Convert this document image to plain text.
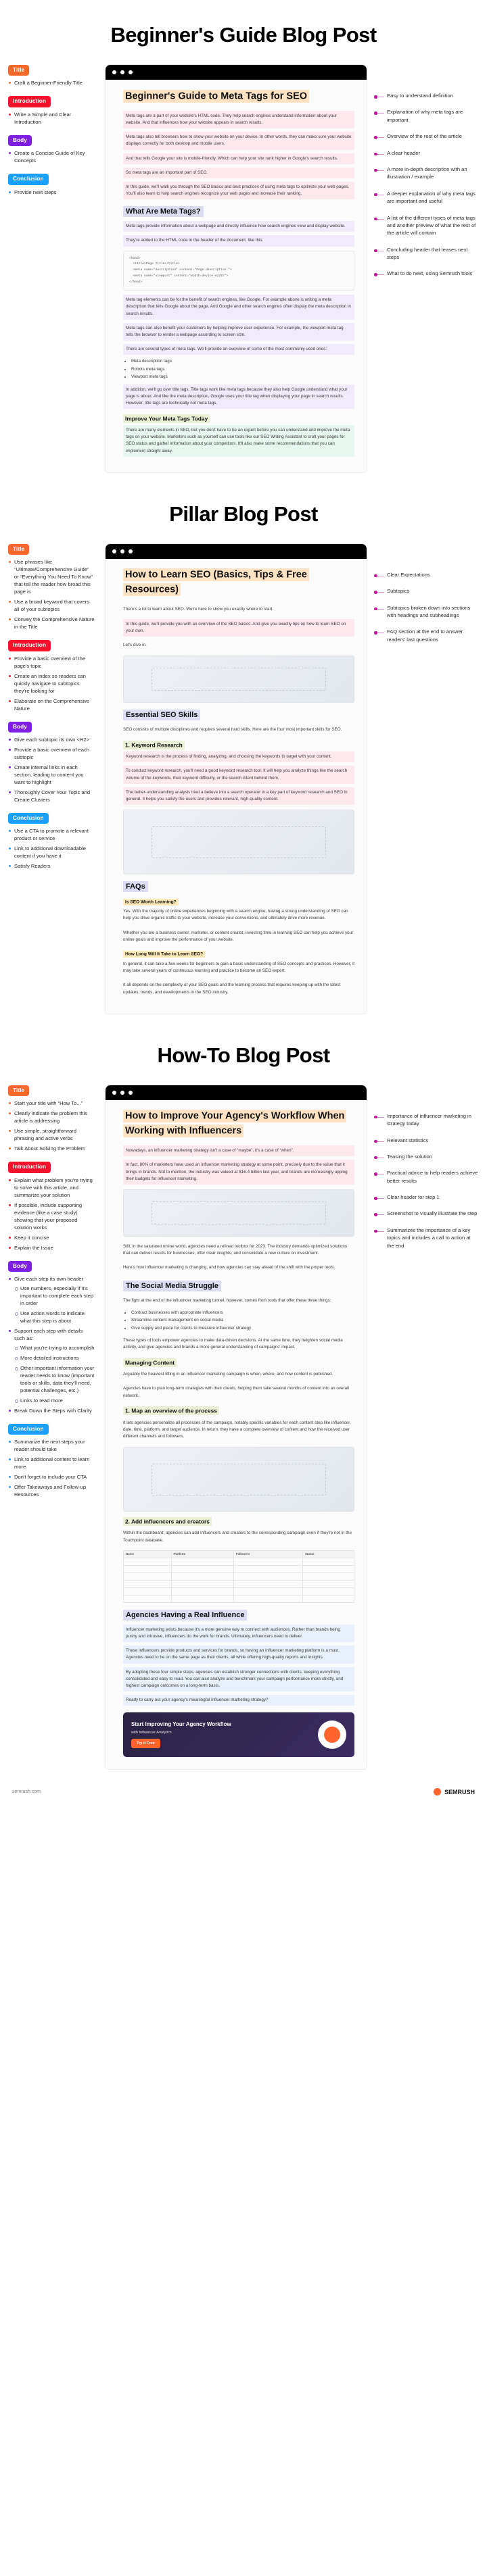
Beginner's Guide Blog Post
Title
Craft a Beginner-Friendly Title
Introduction
Write a Simple and Clear Introduction
Body
Create a Concise Guide of Key Concepts
Conclusion
Provide next steps
Beginner's Guide to Meta Tags for SEO

Meta tags are a part of your website's HTML code. They help search engines understand information about your website. And that influences how your website appears in search results.

Meta tags also tell browsers how to show your website on your device. In other words, they can make sure your website displays correctly for both desktop and mobile users.

And that tells Google your site is mobile-friendly. Which can help your site rank higher in Google's search results.

So meta tags are an important part of SEO.

In this guide, we'll walk you through the SEO basics and best practices of using meta tags to optimize your web pages. You'll also learn to help search engines recognize your web pages and increase their ranking.

What Are Meta Tags?

Meta tags provide information about a webpage and directly influence how search engines view and display website.

They're added to the HTML code in the header of the document, like this:

<head>
<title>Page Title</title>
<meta name="description" content="Page description.">
<meta name="viewport" content="width=device-width">
</head>

Meta tag elements can be for the benefit of search engines, like Google. For example above is writing a meta description that tells Google about the page. And Google and other search engines often display the meta description in search results.

Meta tags can also benefit your customers by helping improve user experience. For example, the viewport meta tag tells the browser to render a webpage according to screen size.

There are several types of meta tags. We'll provide an overview of some of the most commonly used ones:

• Meta description tags
• Robots meta tags
• Viewport meta tags

In addition, we'll go over title tags. Title tags work like meta tags because they also help Google understand what your page is about. And like the meta description, Google uses your title tag when displaying your page in search results. However, title tags are technically not meta tags.

Improve Your Meta Tags Today

There are many elements in SEO, but you don't have to be an expert before you can understand and improve the meta tags on your website. Marketers such as yourself can use tools like our SEO Writing Assistant to craft your pages for SEO status and gather information about your competitors. It'll also make some recommendations that you can implement straight away.

Easy to understand definition
Explanation of why meta tags are important
Overview of the rest of the article
A clear header
A more in-depth description with an illustration / example
A deeper explanation of why meta tags are important and useful
A list of the different types of meta tags and another preview of what the rest of the article will contain
Concluding header that teases next steps
What to do next, using Semrush tools
Pillar Blog Post
Title
Use phrases like “Ultimate/Comprehensive Guide” or “Everything You Need To Know” that tell the reader how broad this page is
Use a broad keyword that covers all of your subtopics
Convey the Comprehensive Nature in the Title
Introduction
Provide a basic overview of the page's topic
Create an index so readers can quickly navigate to subtopics they're looking for
Elaborate on the Comprehensive Nature
Body
Give each subtopic its own <H2>
Provide a basic overview of each subtopic
Create internal links in each section, leading to content you want to highlight
Thoroughly Cover Your Topic and Create Clusters
Conclusion
Use a CTA to promote a relevant product or service
Link to additional downloadable content if you have it
Satisfy Readers
How to Learn SEO (Basics, Tips & Free Resources)

There's a lot to learn about SEO. We're here to show you exactly where to start.

In this guide, we'll provide you with an overview of the SEO basics. And give you exactly tips on how to learn SEO on your own.

Let's dive in.

Essential SEO Skills

SEO consists of multiple disciplines and requires several hard skills. Here are the four most important skills for SEO.

1. Keyword Research

Keyword research is the process of finding, analyzing, and choosing the keywords to target with your content.

To conduct keyword research, you'll need a good keyword research tool. It will help you analyze things like the search volume of the keywords, their keyword difficulty, or the search intent behind them.

The better-understanding analysis tried a believe into a search operator in a key part of keyword research and SEO in general. It helps you satisfy the users and provides relevant, high-quality content.

FAQs
Is SEO Worth Learning?

Yes. With the majority of online experiences beginning with a search engine, having a strong understanding of SEO can help you drive organic traffic to your website, increase your conversions, and ultimately drive more revenue.

Whether you are a business owner, marketer, or content creator, investing time in learning SEO can help you achieve your online goals and improve the performance of your website.

How Long Will It Take to Learn SEO?

In general, it can take a few weeks for beginners to gain a basic understanding of SEO concepts and practices. However, it may take several years of continuous learning and practice to become an SEO expert.

It all depends on the complexity of your SEO goals and the learning process that requires keeping up with the latest updates, trends, and developments in the SEO industry.

Clear Expectations
Subtopics
Subtopics broken down into sections with headings and subheadings
FAQ section at the end to answer readers' last questions
How-To Blog Post
Title
Start your title with “How To...”
Clearly indicate the problem this article is addressing
Use simple, straightforward phrasing and active verbs
Talk About Solving the Problem
Introduction
Explain what problem you're trying to solve with this article, and summarize your solution
If possible, include supporting evidence (like a case study) showing that your proposed solution works
Keep it concise
Explain the Issue
Body
Give each step its own header
Use numbers, especially if it's important to complete each step in order
Use action words to indicate what this step is about
Support each step with details such as:
What you're trying to accomplish
More detailed instructions
Other important information your reader needs to know (important tools or skills, data they'll need, potential challenges, etc.)
Links to read more
Break Down the Steps with Clarity
Conclusion
Summarize the next steps your reader should take
Link to additional content to learn more
Don't forget to include your CTA
Offer Takeaways and Follow-up Resources
How to Improve Your Agency's Workflow When Working with Influencers

Nowadays, an influencer marketing strategy isn't a case of “maybe”, it's a case of “when”.

In fact, 80% of marketers have used an influencer marketing strategy at some point, precisely due to the value that it brings in brands. Not to mention, the industry was valued at $16.4 billion last year, and brands are increasingly upping their budgets for influencer marketing.

Still, in the saturated online world, agencies need a refined toolbox for 2023. The industry demands optimized solutions that can deliver results for businesses, offer clear insights, and consolidate a new culture on investment.

Here's how influencer marketing is changing, and how agencies can stay ahead of the shift with the proper tools.

The Social Media Struggle

The fight at the end of the influencer marketing tunnel, however, comes from tools that offer these three things:

• Contract businesses with appropriate influencers
• Streamline content management on social media
• Give supply and place for clients to measure influencer strategy

These types of tools empower agencies to make data-driven decisions. At the same time, they heighten social media activity, and give agencies and brands a more general understanding of campaigns' impact.

Managing Content

Arguably the heaviest lifting in an influencer marketing campaign is when, where, and how content is published.

Agencies have to plan long-term strategies with their clients, helping them take several months of content into an overall network.

1. Map an overview of the process

It lets agencies personalize all processes of the campaign, notably specific variables for each content step like influencer, date, time, platform, and target audience. In return, they have a complete overview of content and how the received user different channels and followers.

2. Add influencers and creators

Within the dashboard, agencies can add influencers and creators to the corresponding campaign even if they're not in the Touchpoint database.

Name	Platform	Followers	Status

Agencies Having a Real Influence

Influencer marketing exists because it's a more genuine way to connect with audiences. Rather than brands being pushy and intrusive, influencers do the work for brands. Ultimately, influencers need to deliver.

These influencers provide products and services for brands, so having an influencer marketing platform is a must. Agencies need to be on the same page as their clients, all while offering high-quality reports and insights.

By adopting these four simple steps, agencies can establish stronger connections with clients, keeping everything consolidated and easy to read. You can also analyze and benchmark your campaign performance more strictly, and highest campaign outcomes on a long-term basis.

Ready to carry out your agency's meaningful influencer marketing strategy?

Start Improving Your Agency Workflow
with Influencer Analytics
Try it Free
Importance of influencer marketing in strategy today
Relevant statistics
Teasing the solution
Practical advice to help readers achieve better results
Clear header for step 1
Screenshot to visually illustrate the step
Summarizes the importance of a key topics and includes a call to action at the end
semrush.com	SEMRUSH
